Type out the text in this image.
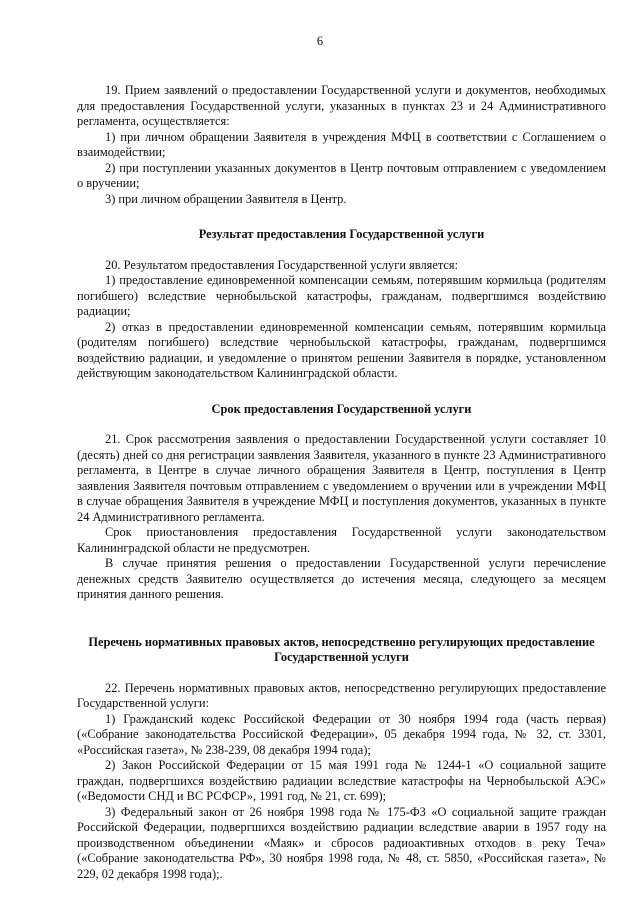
6

19. Прием заявлений о предоставлении Государственной услуги и документов, необходимых для предоставления Государственной услуги, указанных в пунктах 23 и 24 Административного регламента, осуществляется:

1) при личном обращении Заявителя в учреждения МФЦ в соответствии с Соглашением о взаимодействии;

2) при поступлении указанных документов в Центр почтовым отправлением с уведомлением о вручении;

3) при личном обращении Заявителя в Центр.

Результат предоставления Государственной услуги

20. Результатом предоставления Государственной услуги является:

1) предоставление единовременной компенсации семьям, потерявшим кормильца (родителям погибшего) вследствие чернобыльской катастрофы, гражданам, подвергшимся воздействию радиации;

2) отказ в предоставлении единовременной компенсации семьям, потерявшим кормильца (родителям погибшего) вследствие чернобыльской катастрофы, гражданам, подвергшимся воздействию радиации, и уведомление о принятом решении Заявителя в порядке, установленном действующим законодательством Калининградской области.

Срок предоставления Государственной услуги

21. Срок рассмотрения заявления о предоставлении Государственной услуги составляет 10 (десять) дней со дня регистрации заявления Заявителя, указанного в пункте 23 Административного регламента, в Центре в случае личного обращения Заявителя в Центр, поступления в Центр заявления Заявителя почтовым отправлением с уведомлением о вручении или в учреждении МФЦ в случае обращения Заявителя в учреждение МФЦ и поступления документов, указанных в пункте 24 Административного регламента.

Срок приостановления предоставления Государственной услуги законодательством Калининградской области не предусмотрен.

В случае принятия решения о предоставлении Государственной услуги перечисление денежных средств Заявителю осуществляется до истечения месяца, следующего за месяцем принятия данного решения.

Перечень нормативных правовых актов, непосредственно регулирующих предоставление Государственной услуги

22. Перечень нормативных правовых актов, непосредственно регулирующих предоставление Государственной услуги:

1) Гражданский кодекс Российской Федерации от 30 ноября 1994 года (часть первая) («Собрание законодательства Российской Федерации», 05 декабря 1994 года, № 32, ст. 3301, «Российская газета», № 238-239, 08 декабря 1994 года);

2) Закон Российской Федерации от 15 мая 1991 года № 1244-1 «О социальной защите граждан, подвергшихся воздействию радиации вследствие катастрофы на Чернобыльской АЭС» («Ведомости СНД и ВС РСФСР», 1991 год, № 21, ст. 699);

3) Федеральный закон от 26 ноября 1998 года № 175-ФЗ «О социальной защите граждан Российской Федерации, подвергшихся воздействию радиации вследствие аварии в 1957 году на производственном объединении «Маяк» и сбросов радиоактивных отходов в реку Теча» («Собрание законодательства РФ», 30 ноября 1998 года, № 48, ст. 5850, «Российская газета», № 229, 02 декабря 1998 года);.
